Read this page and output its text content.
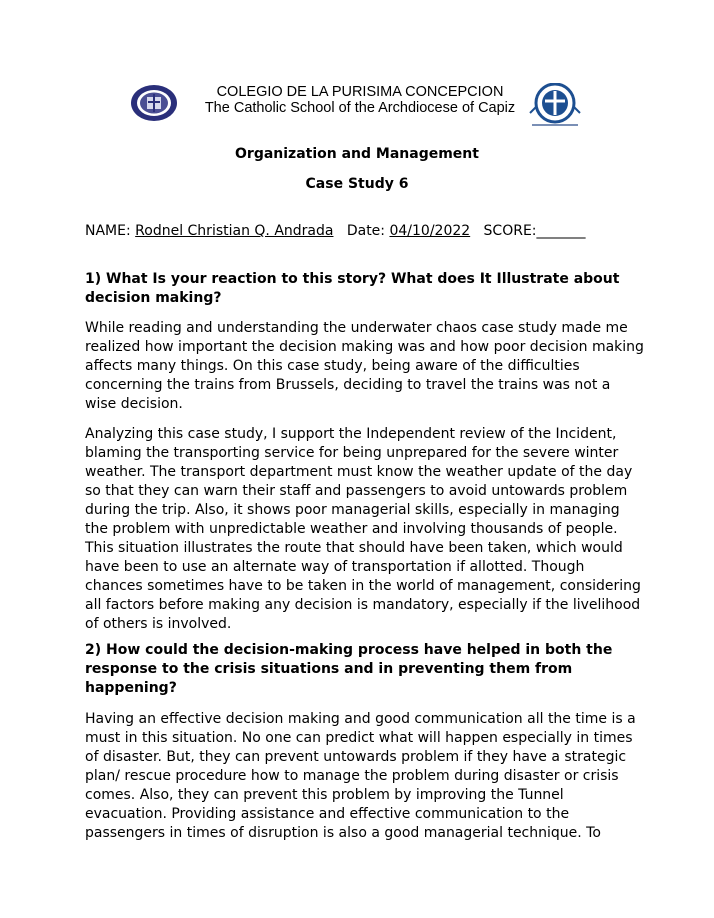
COLEGIO DE LA PURISIMA CONCEPCION
The Catholic School of the Archdiocese of Capiz
Organization and Management
Case Study 6
NAME: Rodnel Christian Q. Andrada Date: 04/10/2022 SCORE:_______
1) What Is your reaction to this story? What does It Illustrate about decision making?
While reading and understanding the underwater chaos case study made me realized how important the decision making was and how poor decision making affects many things. On this case study, being aware of the difficulties concerning the trains from Brussels, deciding to travel the trains was not a wise decision.
Analyzing this case study, I support the Independent review of the Incident, blaming the transporting service for being unprepared for the severe winter weather. The transport department must know the weather update of the day so that they can warn their staff and passengers to avoid untowards problem during the trip. Also, it shows poor managerial skills, especially in managing the problem with unpredictable weather and involving thousands of people. This situation illustrates the route that should have been taken, which would have been to use an alternate way of transportation if allotted. Though chances sometimes have to be taken in the world of management, considering all factors before making any decision is mandatory, especially if the livelihood of others is involved.
2) How could the decision-making process have helped in both the response to the crisis situations and in preventing them from happening?
Having an effective decision making and good communication all the time is a must in this situation. No one can predict what will happen especially in times of disaster. But, they can prevent untowards problem if they have a strategic plan/ rescue procedure how to manage the problem during disaster or crisis comes. Also, they can prevent this problem by improving the Tunnel evacuation. Providing assistance and effective communication to the passengers in times of disruption is also a good managerial technique. To
